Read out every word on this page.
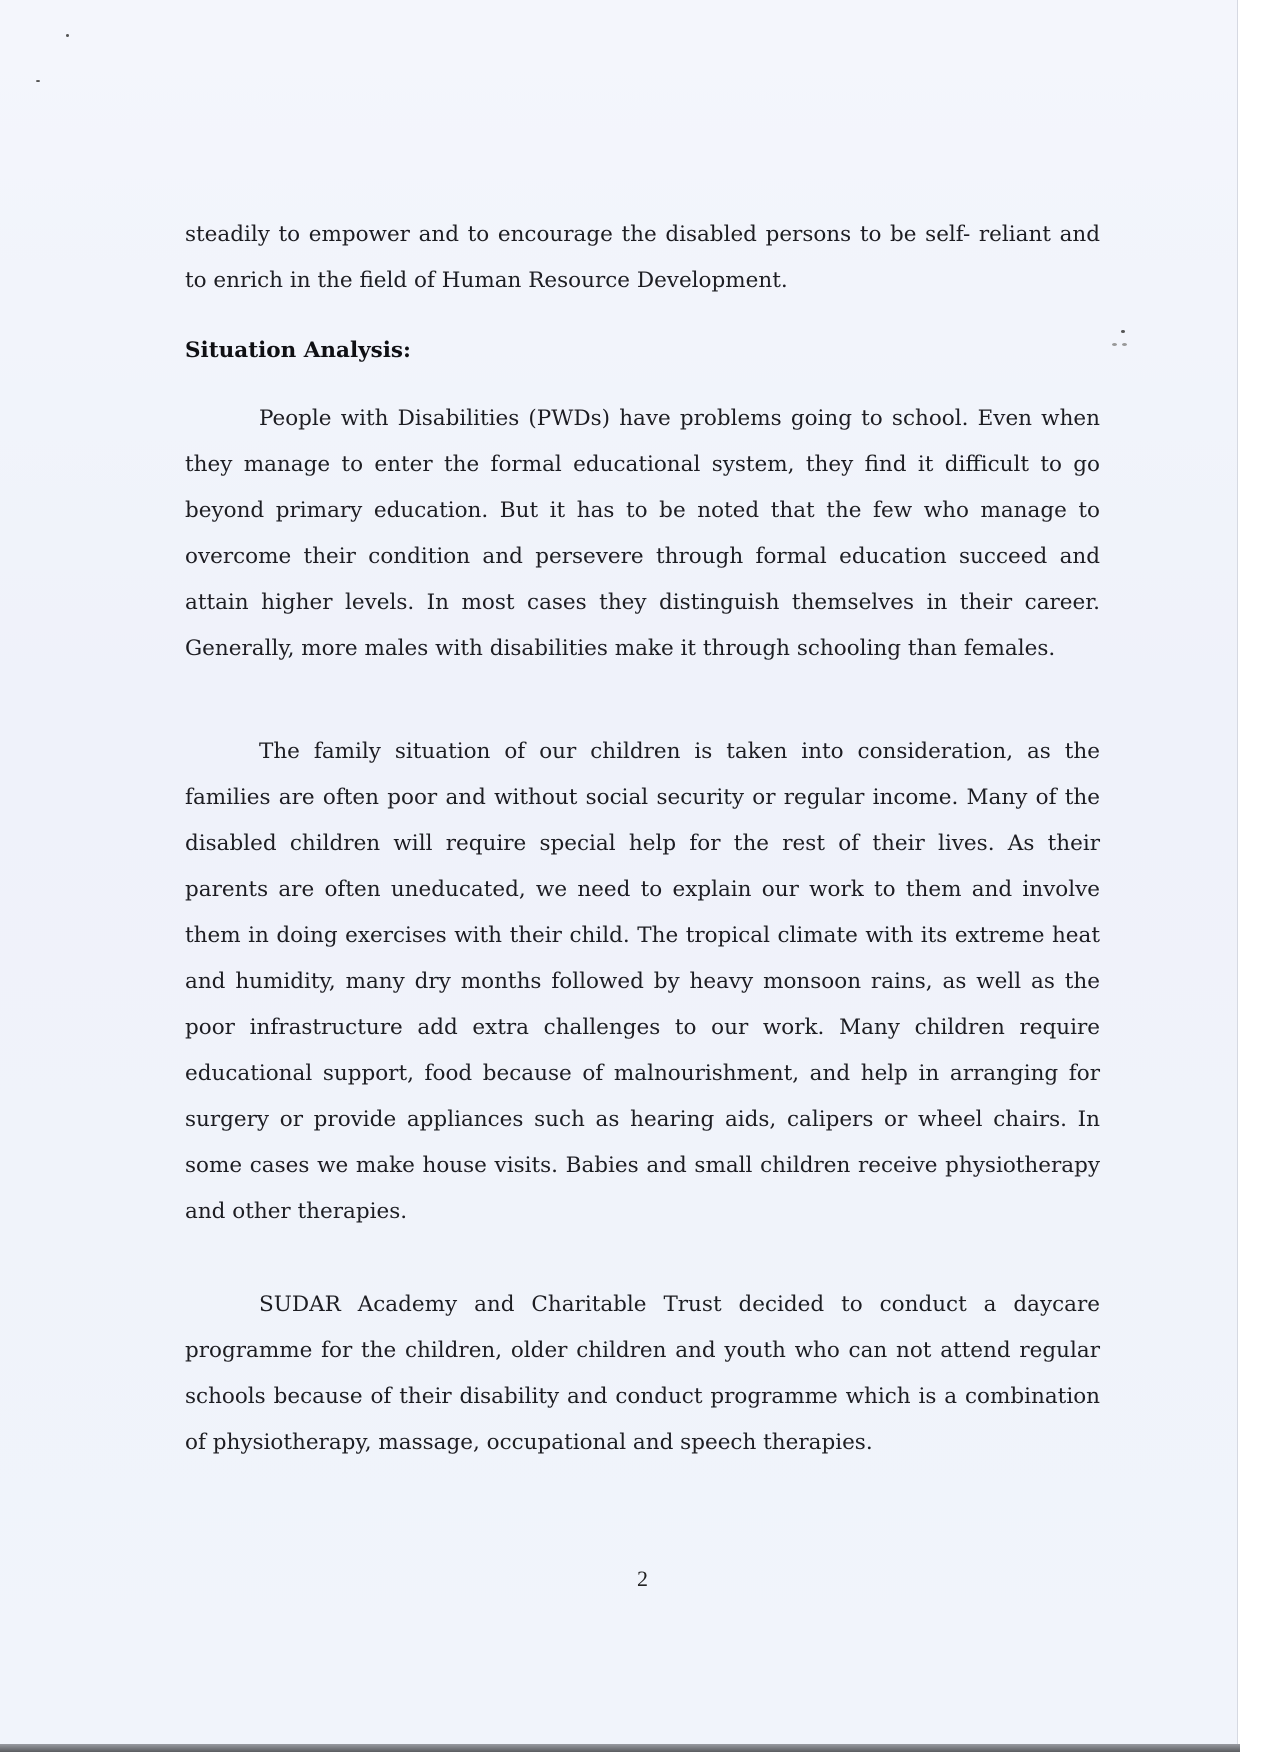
steadily to empower and to encourage the disabled persons to be self- reliant and to enrich in the field of Human Resource Development.

Situation Analysis:

People with Disabilities (PWDs) have problems going to school. Even when they manage to enter the formal educational system, they find it difficult to go beyond primary education. But it has to be noted that the few who manage to overcome their condition and persevere through formal education succeed and attain higher levels. In most cases they distinguish themselves in their career. Generally, more males with disabilities make it through schooling than females.

The family situation of our children is taken into consideration, as the families are often poor and without social security or regular income. Many of the disabled children will require special help for the rest of their lives. As their parents are often uneducated, we need to explain our work to them and involve them in doing exercises with their child. The tropical climate with its extreme heat and humidity, many dry months followed by heavy monsoon rains, as well as the poor infrastructure add extra challenges to our work. Many children require educational support, food because of malnourishment, and help in arranging for surgery or provide appliances such as hearing aids, calipers or wheel chairs. In some cases we make house visits. Babies and small children receive physiotherapy and other therapies.

SUDAR Academy and Charitable Trust decided to conduct a daycare programme for the children, older children and youth who can not attend regular schools because of their disability and conduct programme which is a combination of physiotherapy, massage, occupational and speech therapies.

2
